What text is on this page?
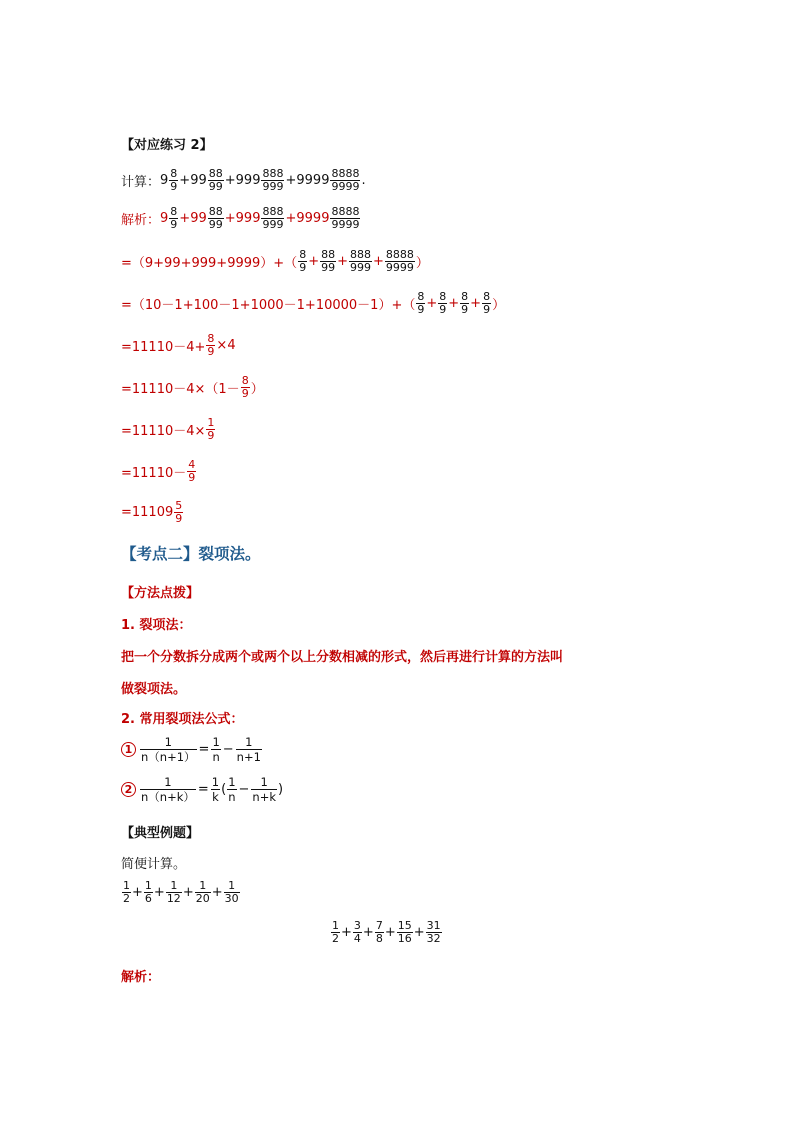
【对应练习 2】
计算： $9 \frac{8}{9} + 99 \frac{88}{99} + 999 \frac{888}{999} + 9999 \frac{8888}{9999}$ .
解析： $9 \frac{8}{9} + 99 \frac{88}{99} + 999 \frac{888}{999} + 9999 \frac{8888}{9999}$
$=(9+99+999+9999)+( \frac{8}{9} + \frac{88}{99} + \frac{888}{999} + \frac{8888}{9999}$ ）
$=(10-1+100-1+1000-1+10000-1)+( \frac{8}{9} + \frac{8}{9} + \frac{8}{9} + \frac{8}{9}$ ）
$=11110-4+ \frac{8}{9} \times 4$
$=11110-4\times(1- \frac{8}{9}$ ）
$=11110-4\times \frac{1}{9}$
$=11110- \frac{4}{9}$
$=11109 \frac{5}{9}$
【考点二】裂项法。
【方法点拨】
1. 裂项法：
把一个分数拆分成两个或两个以上分数相减的形式，然后再进行计算的方法叫
做裂项法。
2. 常用裂项法公式：
$1 \frac{1}{n(n+1)} = \frac{1}{n} - \frac{1}{n+1}$
$2 \frac{1}{n(n+k)} = \frac{1}{k}$ ( $\frac{1}{n} - \frac{1}{n+k}$ )
【典型例题】
简便计算。
$\frac{1}{2} + \frac{1}{6} + \frac{1}{12} + \frac{1}{20} + \frac{1}{30}$
$\frac{1}{2} + \frac{3}{4} + \frac{7}{8} + \frac{15}{16} + \frac{31}{32}$
解析：
